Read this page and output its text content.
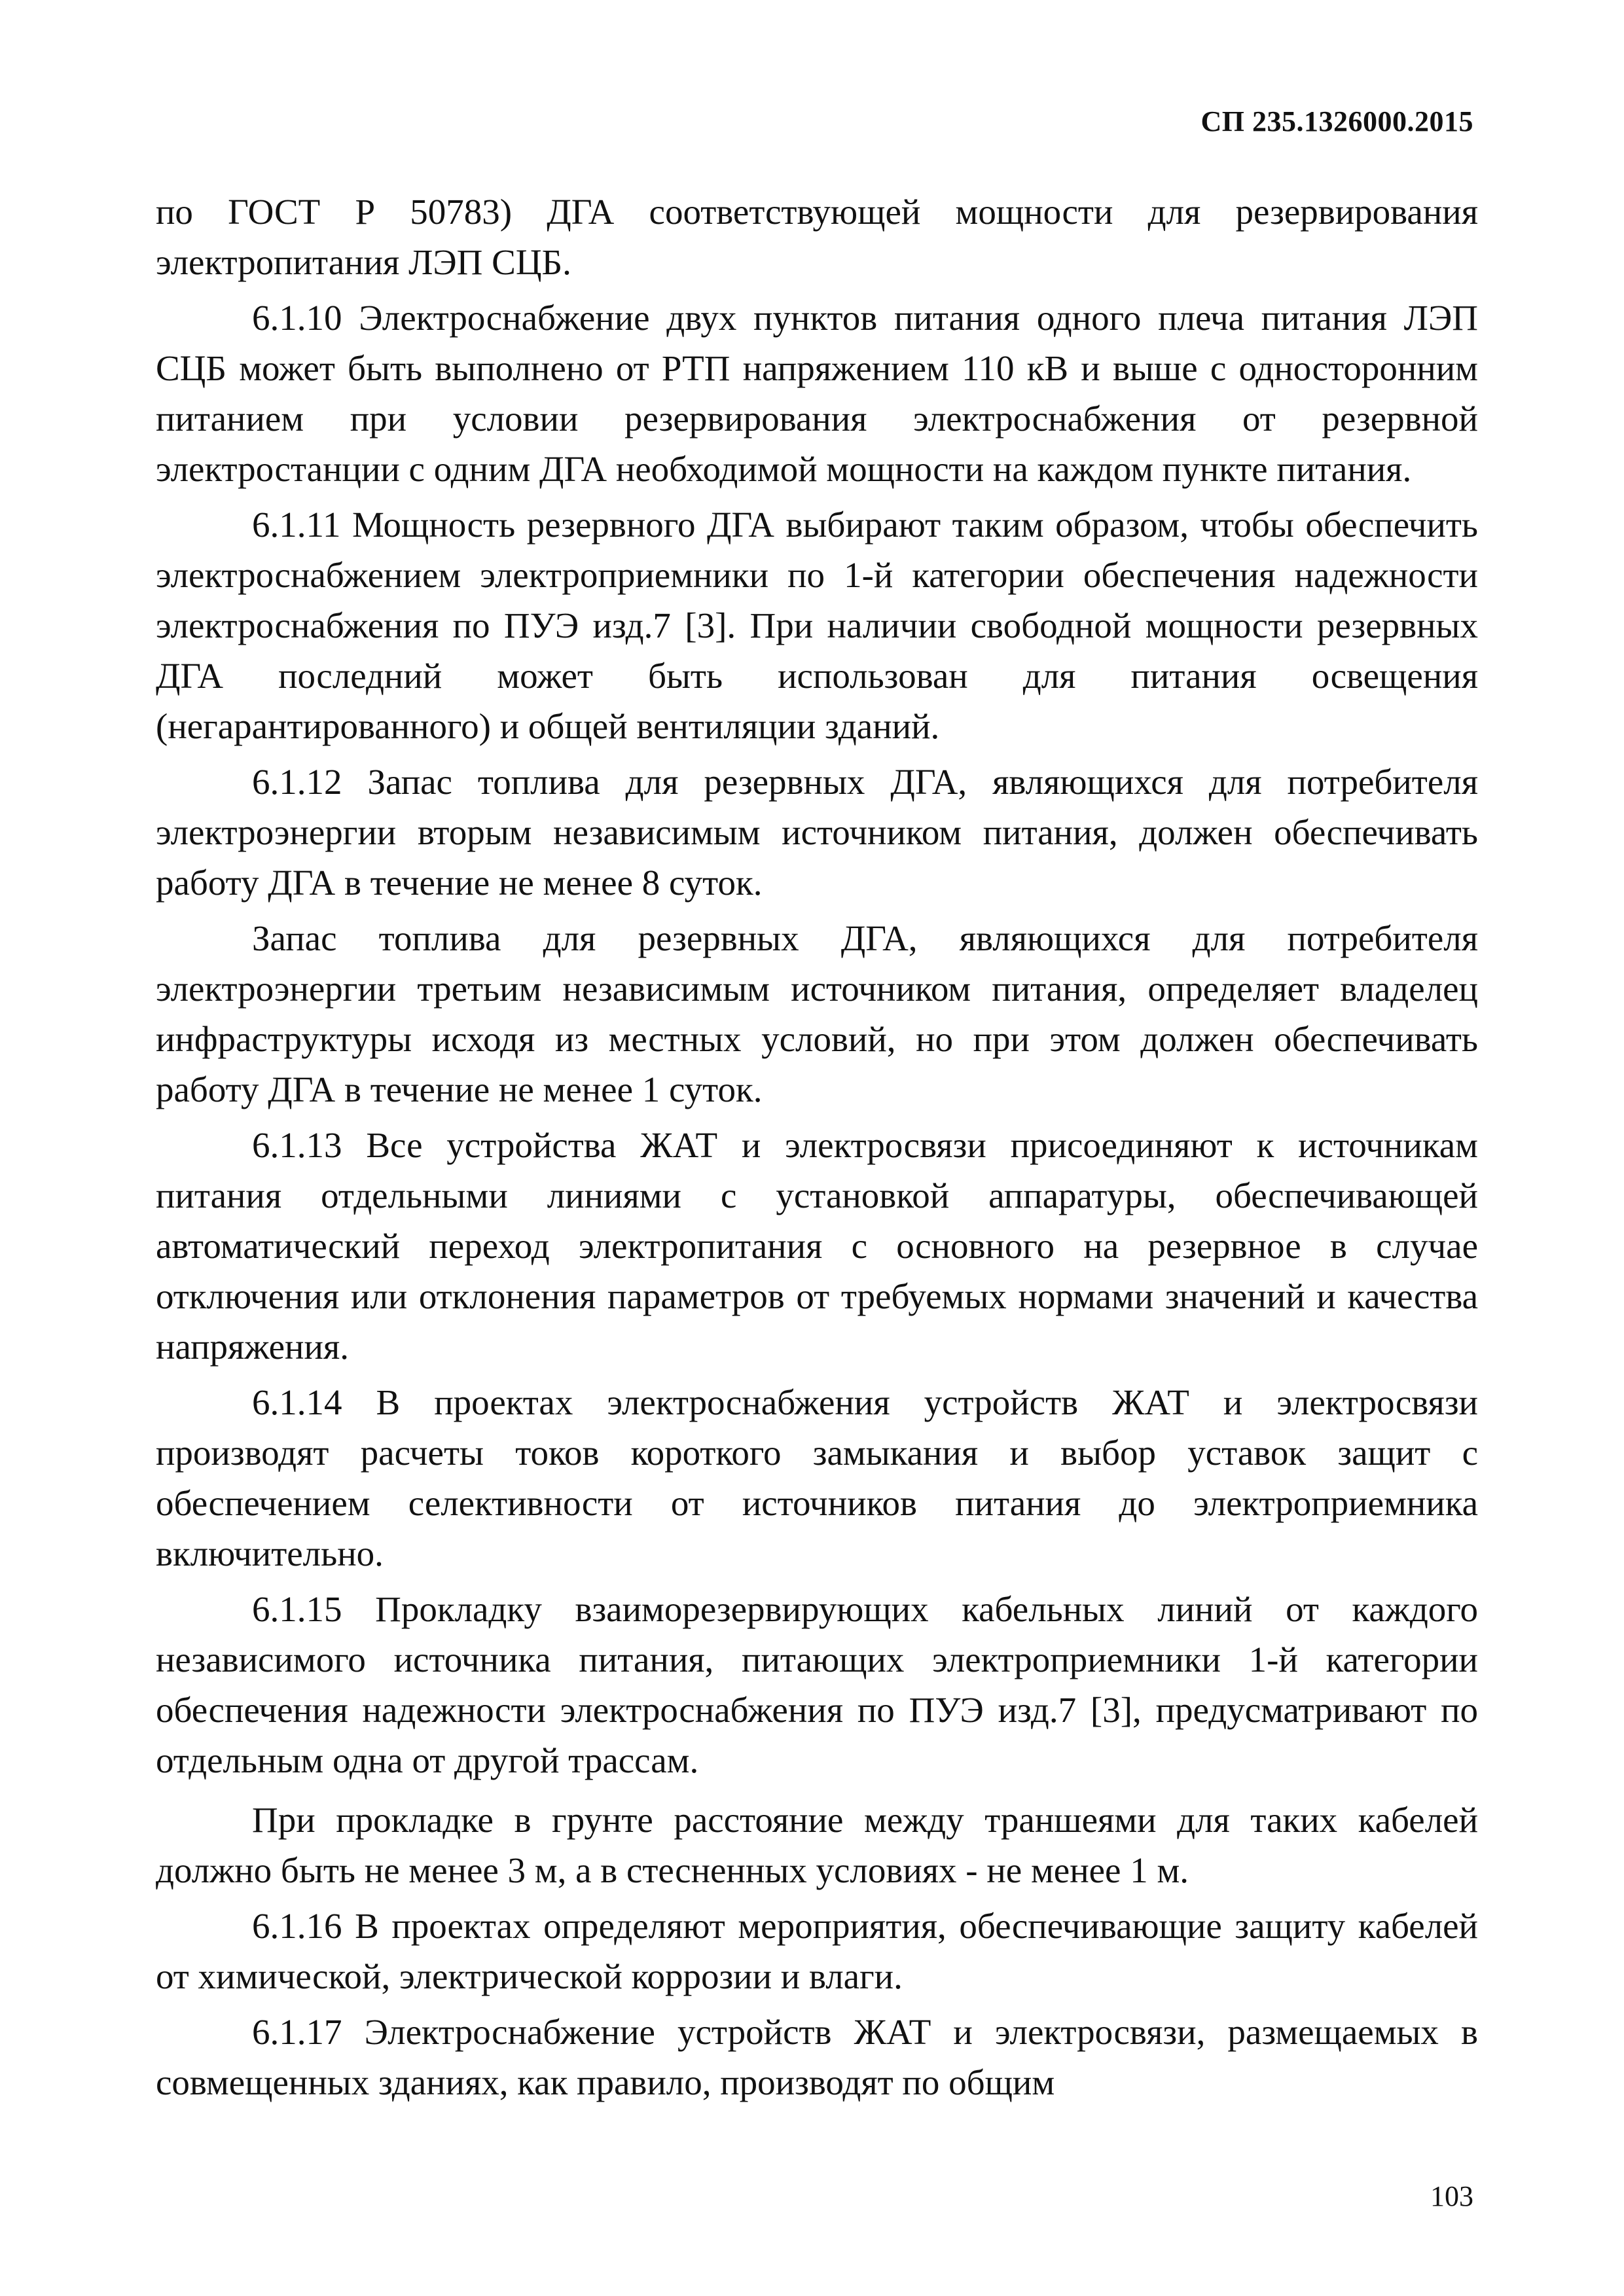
СП 235.1326000.2015

по ГОСТ Р 50783) ДГА соответствующей мощности для резервирования электропитания ЛЭП СЦБ.

6.1.10 Электроснабжение двух пунктов питания одного плеча питания ЛЭП СЦБ может быть выполнено от РТП напряжением 110 кВ и выше с односторонним питанием при условии резервирования электроснабжения от резервной электростанции с одним ДГА необходимой мощности на каждом пункте питания.

6.1.11 Мощность резервного ДГА выбирают таким образом, чтобы обеспечить электроснабжением электроприемники по 1-й категории обеспечения надежности электроснабжения по ПУЭ изд.7 [3]. При наличии свободной мощности резервных ДГА последний может быть использован для питания освещения (негарантированного) и общей вентиляции зданий.

6.1.12 Запас топлива для резервных ДГА, являющихся для потребителя электроэнергии вторым независимым источником питания, должен обеспечивать работу ДГА в течение не менее 8 суток.

Запас топлива для резервных ДГА, являющихся для потребителя электроэнергии третьим независимым источником питания, определяет владелец инфраструктуры исходя из местных условий, но при этом должен обеспечивать работу ДГА в течение не менее 1 суток.

6.1.13 Все устройства ЖАТ и электросвязи присоединяют к источникам питания отдельными линиями с установкой аппаратуры, обеспечивающей автоматический переход электропитания с основного на резервное в случае отключения или отклонения параметров от требуемых нормами значений и качества напряжения.

6.1.14 В проектах электроснабжения устройств ЖАТ и электросвязи производят расчеты токов короткого замыкания и выбор уставок защит с обеспечением селективности от источников питания до электроприемника включительно.

6.1.15 Прокладку взаиморезервирующих кабельных линий от каждого независимого источника питания, питающих электроприемники 1-й категории обеспечения надежности электроснабжения по ПУЭ изд.7 [3], предусматривают по отдельным одна от другой трассам.

При прокладке в грунте расстояние между траншеями для таких кабелей должно быть не менее 3 м, а в стесненных условиях - не менее 1 м.

6.1.16 В проектах определяют мероприятия, обеспечивающие защиту кабелей от химической, электрической коррозии и влаги.

6.1.17 Электроснабжение устройств ЖАТ и электросвязи, размещаемых в совмещенных зданиях, как правило, производят по общим

103
